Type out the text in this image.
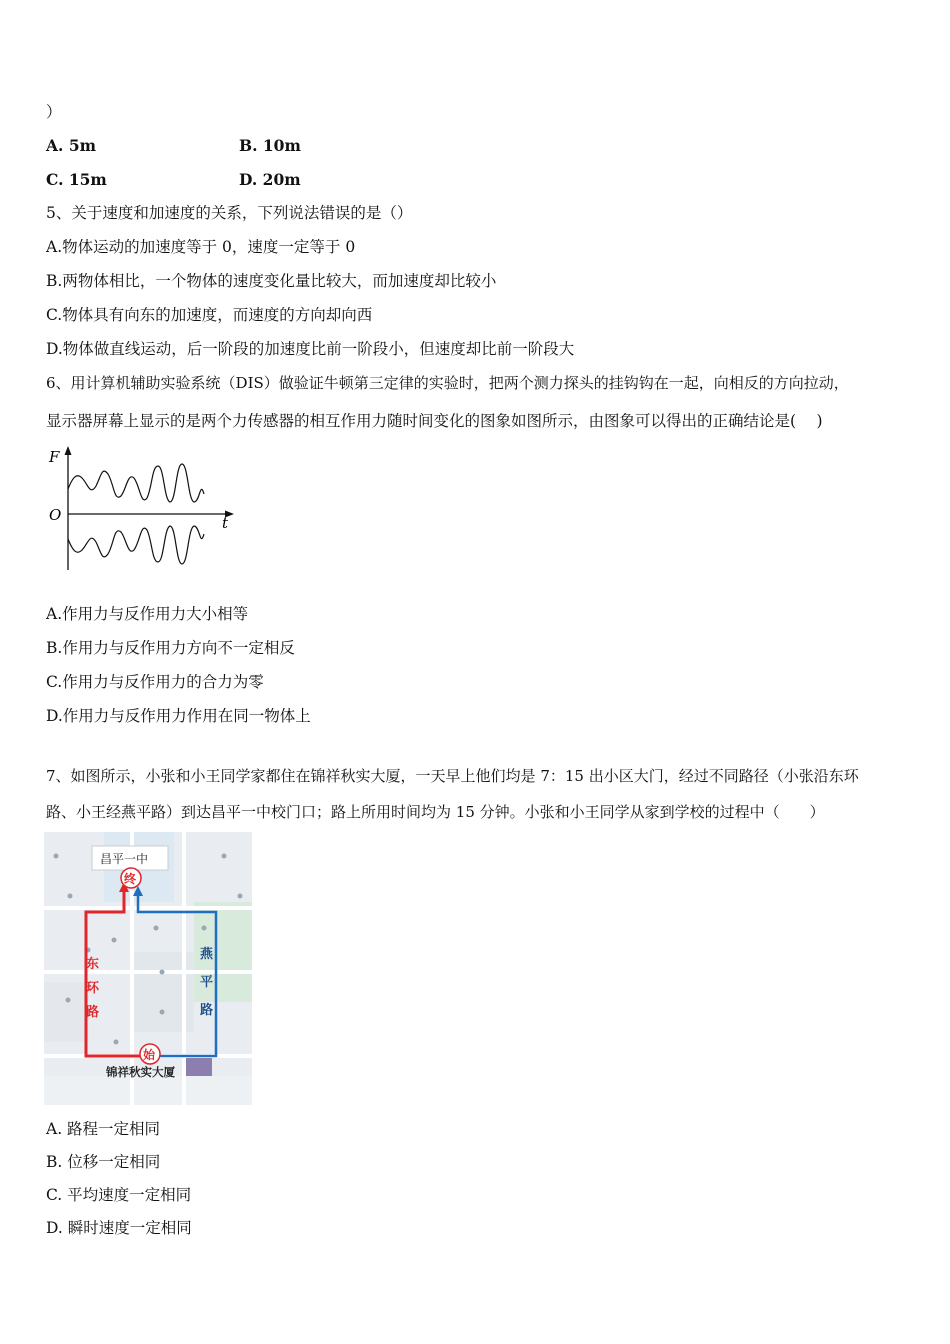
）
A. 5m	B. 10m
C. 15m	D. 20m
5、关于速度和加速度的关系，下列说法错误的是（）
A.物体运动的加速度等于 0，速度一定等于 0
B.两物体相比，一个物体的速度变化量比较大，而加速度却比较小
C.物体具有向东的加速度，而速度的方向却向西
D.物体做直线运动，后一阶段的加速度比前一阶段小，但速度却比前一阶段大
6、用计算机辅助实验系统（DIS）做验证牛顿第三定律的实验时，把两个测力探头的挂钩钩在一起，向相反的方向拉动，
显示器屏幕上显示的是两个力传感器的相互作用力随时间变化的图象如图所示，由图象可以得出的正确结论是(　 )
F
O	t
A.作用力与反作用力大小相等
B.作用力与反作用力方向不一定相反
C.作用力与反作用力的合力为零
D.作用力与反作用力作用在同一物体上
7、如图所示，小张和小王同学家都住在锦祥秋实大厦，一天早上他们均是 7：15 出小区大门，经过不同路径（小张沿东环
路、小王经燕平路）到达昌平一中校门口；路上所用时间均为 15 分钟。小张和小王同学从家到学校的过程中（　　）
昌平一中
终
始
东
环
路
燕
平
路
锦祥秋实大厦
A. 路程一定相同
B. 位移一定相同
C. 平均速度一定相同
D. 瞬时速度一定相同
